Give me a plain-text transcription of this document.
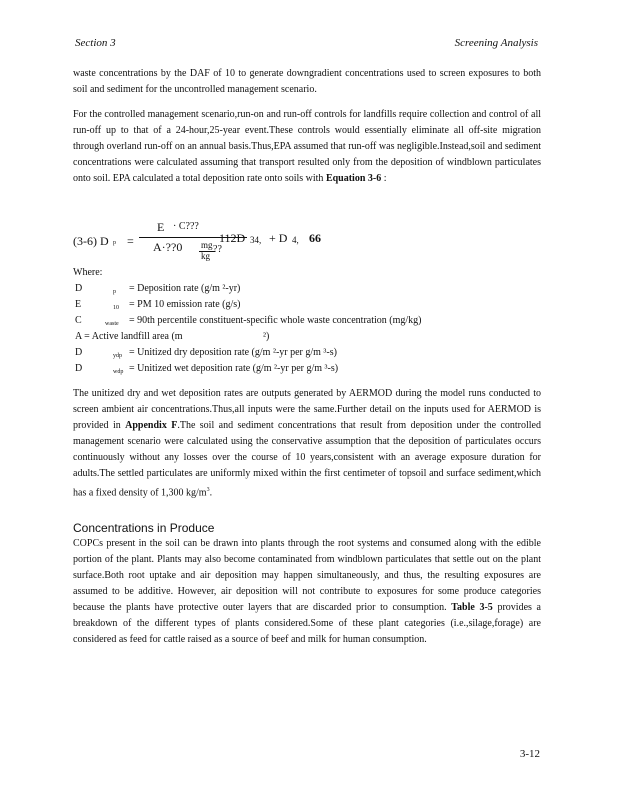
Section 3	Screening Analysis
waste concentrations by the DAF of 10 to generate downgradient concentrations used to screen exposures to both soil and sediment for the uncontrolled management scenario.
For the controlled management scenario,run-on and run-off controls for landfills require collection and control of all run-off up to that of a 24-hour,25-year event.These controls would essentially eliminate all off-site migration through overland run-off on an annual basis.Thus,EPA assumed that run-off was negligible.Instead,soil and sediment concentrations were calculated assuming that transport resulted only from the deposition of windblown particulates onto soil. EPA calculated a total deposition rate onto soils with Equation 3-6 :
(3-6) D p =
E · C???
A·??0 mg
kg
??
112D 34, + D 4, 66
Where:
D	p = Deposition rate (g/m ²-yr)
E	10 = PM 10 emission rate (g/s)
C	waste = 90th percentile constituent-specific whole waste concentration (mg/kg)
A = Active landfill area (m	²)
D	ydp = Unitized dry deposition rate (g/m ²-yr per g/m ³-s)
D	wdp = Unitized wet deposition rate (g/m ²-yr per g/m ³-s)
The unitized dry and wet deposition rates are outputs generated by AERMOD during the model runs conducted to screen ambient air concentrations.Thus,all inputs were the same.Further detail on the inputs used for AERMOD is provided in Appendix F.The soil and sediment concentrations that result from deposition under the controlled management scenario were calculated using the conservative assumption that the deposition of particulates occurs continuously without any losses over the course of 10 years,consistent with an average exposure duration for adults.The settled particulates are uniformly mixed within the first centimeter of topsoil and surface sediment,which has a fixed density of 1,300 $kg/m^3$.
Concentrations in Produce
COPCs present in the soil can be drawn into plants through the root systems and consumed along with the edible portion of the plant. Plants may also become contaminated from windblown particulates that settle out on the plant surface.Both root uptake and air deposition may happen simultaneously, and thus, the resulting exposures are assumed to be additive. However, air deposition will not contribute to exposures for some produce categories because the plants have protective outer layers that are discarded prior to consumption. Table 3-5 provides a breakdown of the different types of plants considered.Some of these plant categories (i.e.,silage,forage) are considered as feed for cattle raised as a source of beef and milk for human consumption.
3-12
